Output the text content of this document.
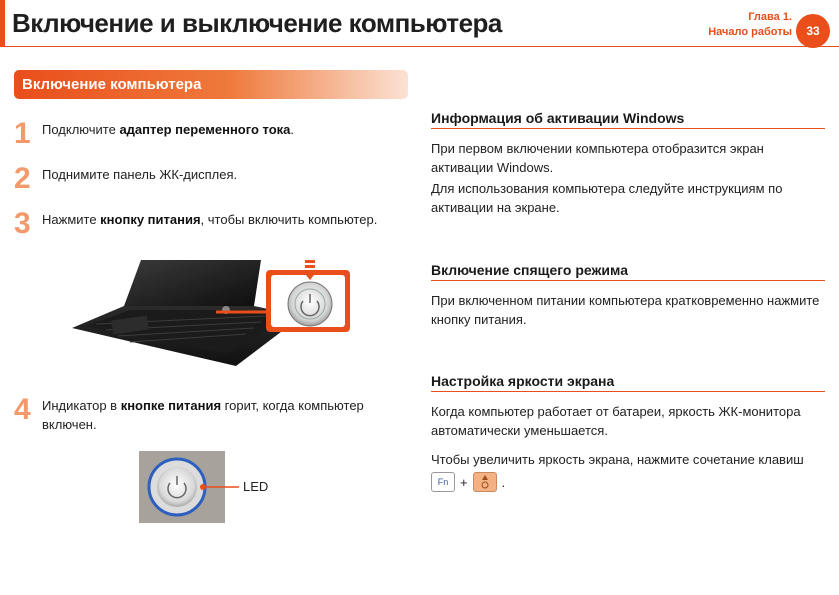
Включение и выключение компьютера	Глава 1.
Начало работы	33
Включение компьютера
1 Подключите адаптер переменного тока.
2 Поднимите панель ЖК-дисплея.
3 Нажмите кнопку питания, чтобы включить компьютер.
4 Индикатор в кнопке питания горит, когда компьютер включен.
LED
Информация об активации Windows
При первом включении компьютера отобразится экран активации Windows.
Для использования компьютера следуйте инструкциям по активации на экране.
Включение спящего режима
При включенном питании компьютера кратковременно нажмите кнопку питания.
Настройка яркости экрана
Когда компьютер работает от батареи, яркость ЖК-монитора автоматически уменьшается.
Чтобы увеличить яркость экрана, нажмите сочетание клавиш
Fn +	.
